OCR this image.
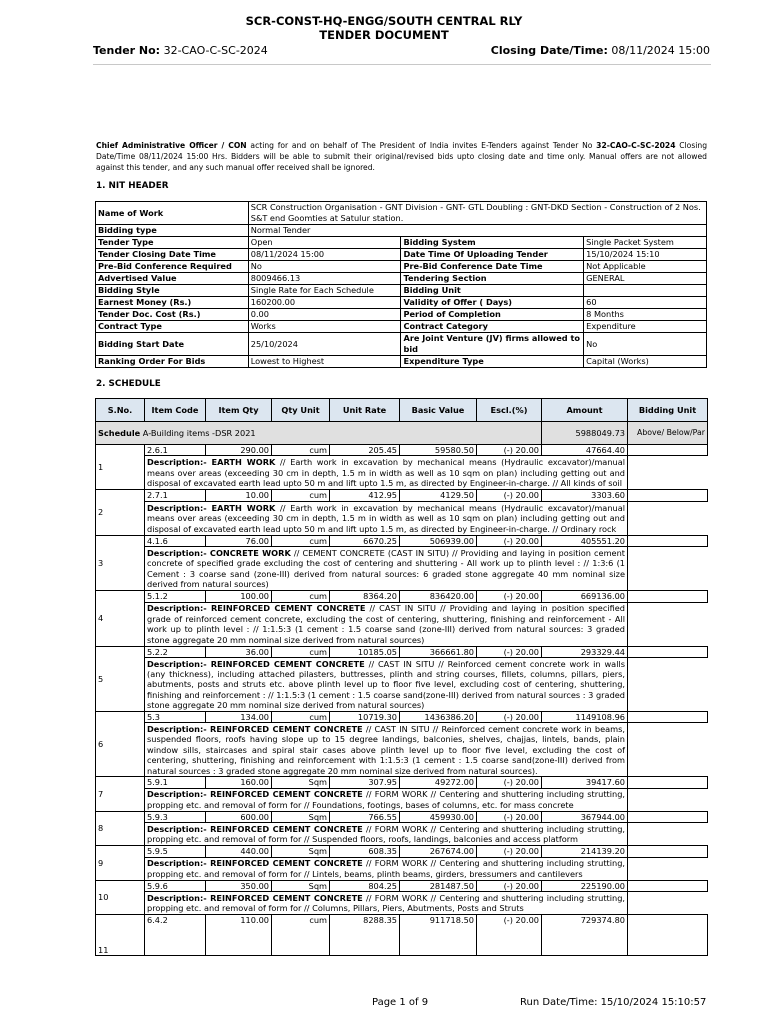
SCR-CONST-HQ-ENGG/SOUTH CENTRAL RLY
TENDER DOCUMENT
Tender No: 32-CAO-C-SC-2024	Closing Date/Time: 08/11/2024 15:00
Chief Administrative Officer / CON acting for and on behalf of The President of India invites E-Tenders against Tender No 32-CAO-C-SC-2024 Closing Date/Time 08/11/2024 15:00 Hrs. Bidders will be able to submit their original/revised bids upto closing date and time only. Manual offers are not allowed against this tender, and any such manual offer received shall be ignored.
1. NIT HEADER
Name of Work	SCR Construction Organisation - GNT Division - GNT- GTL Doubling : GNT-DKD Section - Construction of 2 Nos. S&T end Goomties at Satulur station.		
Bidding type	Normal Tender		
Tender Type	Open	Bidding System	Single Packet System
Tender Closing Date Time	08/11/2024 15:00	Date Time Of Uploading Tender	15/10/2024 15:10
Pre-Bid Conference Required	No	Pre-Bid Conference Date Time	Not Applicable
Advertised Value	8009466.13	Tendering Section	GENERAL
Bidding Style	Single Rate for Each Schedule	Bidding Unit	
Earnest Money (Rs.)	160200.00	Validity of Offer ( Days)	60
Tender Doc. Cost (Rs.)	0.00	Period of Completion	8 Months
Contract Type	Works	Contract Category	Expenditure
Bidding Start Date	25/10/2024	Are Joint Venture (JV) firms allowed to bid	No
Ranking Order For Bids	Lowest to Highest	Expenditure Type	Capital (Works)
2. SCHEDULE
S.No.	Item Code	Item Qty	Qty Unit	Unit Rate	Basic Value	Escl.(%)	Amount	Bidding Unit
Schedule A-Building items -DSR 2021							5988049.73	Above/ Below/Par
1	2.6.1	290.00	cum	205.45	59580.50	(-) 20.00	47664.40	
	Description:- EARTH WORK // Earth work in excavation by mechanical means (Hydraulic excavator)/manual means over areas (exceeding 30 cm in depth, 1.5 m in width as well as 10 sqm on plan) including getting out and disposal of excavated earth lead upto 50 m and lift upto 1.5 m, as directed by Engineer-in-charge. // All kinds of soil							
2	2.7.1	10.00	cum	412.95	4129.50	(-) 20.00	3303.60	
	Description:- EARTH WORK // Earth work in excavation by mechanical means (Hydraulic excavator)/manual means over areas (exceeding 30 cm in depth, 1.5 m in width as well as 10 sqm on plan) including getting out and disposal of excavated earth lead upto 50 m and lift upto 1.5 m, as directed by Engineer-in-charge. // Ordinary rock							
3	4.1.6	76.00	cum	6670.25	506939.00	(-) 20.00	405551.20	
	Description:- CONCRETE WORK // CEMENT CONCRETE (CAST IN SITU) // Providing and laying in position cement concrete of specified grade excluding the cost of centering and shuttering - All work up to plinth level : // 1:3:6 (1 Cement : 3 coarse sand (zone-III) derived from natural sources: 6 graded stone aggregate 40 mm nominal size derived from natural sources)							
4	5.1.2	100.00	cum	8364.20	836420.00	(-) 20.00	669136.00	
	Description:- REINFORCED CEMENT CONCRETE // CAST IN SITU // Providing and laying in position specified grade of reinforced cement concrete, excluding the cost of centering, shuttering, finishing and reinforcement - All work up to plinth level : // 1:1.5:3 (1 cement : 1.5 coarse sand (zone-III) derived from natural sources: 3 graded stone aggregate 20 mm nominal size derived from natural sources)							
5	5.2.2	36.00	cum	10185.05	366661.80	(-) 20.00	293329.44	
	Description:- REINFORCED CEMENT CONCRETE // CAST IN SITU // Reinforced cement concrete work in walls (any thickness), including attached pilasters, buttresses, plinth and string courses, fillets, columns, pillars, piers, abutments, posts and struts etc. above plinth level up to floor five level, excluding cost of centering, shuttering, finishing and reinforcement : // 1:1.5:3 (1 cement : 1.5 coarse sand(zone-III) derived from natural sources : 3 graded stone aggregate 20 mm nominal size derived from natural sources)							
6	5.3	134.00	cum	10719.30	1436386.20	(-) 20.00	1149108.96	
	Description:- REINFORCED CEMENT CONCRETE // CAST IN SITU // Reinforced cement concrete work in beams, suspended floors, roofs having slope up to 15 degree landings, balconies, shelves, chajjas, lintels, bands, plain window sills, staircases and spiral stair cases above plinth level up to floor five level, excluding the cost of centering, shuttering, finishing and reinforcement with 1:1.5:3 (1 cement : 1.5 coarse sand(zone-III) derived from natural sources : 3 graded stone aggregate 20 mm nominal size derived from natural sources).							
7	5.9.1	160.00	Sqm	307.95	49272.00	(-) 20.00	39417.60	
	Description:- REINFORCED CEMENT CONCRETE // FORM WORK // Centering and shuttering including strutting, propping etc. and removal of form for // Foundations, footings, bases of columns, etc. for mass concrete							
8	5.9.3	600.00	Sqm	766.55	459930.00	(-) 20.00	367944.00	
	Description:- REINFORCED CEMENT CONCRETE // FORM WORK // Centering and shuttering including strutting, propping etc. and removal of form for // Suspended floors, roofs, landings, balconies and access platform							
9	5.9.5	440.00	Sqm	608.35	267674.00	(-) 20.00	214139.20	
	Description:- REINFORCED CEMENT CONCRETE // FORM WORK // Centering and shuttering including strutting, propping etc. and removal of form for // Lintels, beams, plinth beams, girders, bressumers and cantilevers							
10	5.9.6	350.00	Sqm	804.25	281487.50	(-) 20.00	225190.00	
	Description:- REINFORCED CEMENT CONCRETE // FORM WORK // Centering and shuttering including strutting, propping etc. and removal of form for // Columns, Pillars, Piers, Abutments, Posts and Struts							
11	6.4.2	110.00	cum	8288.35	911718.50	(-) 20.00	729374.80	
Page 1 of 9	Run Date/Time: 15/10/2024 15:10:57
